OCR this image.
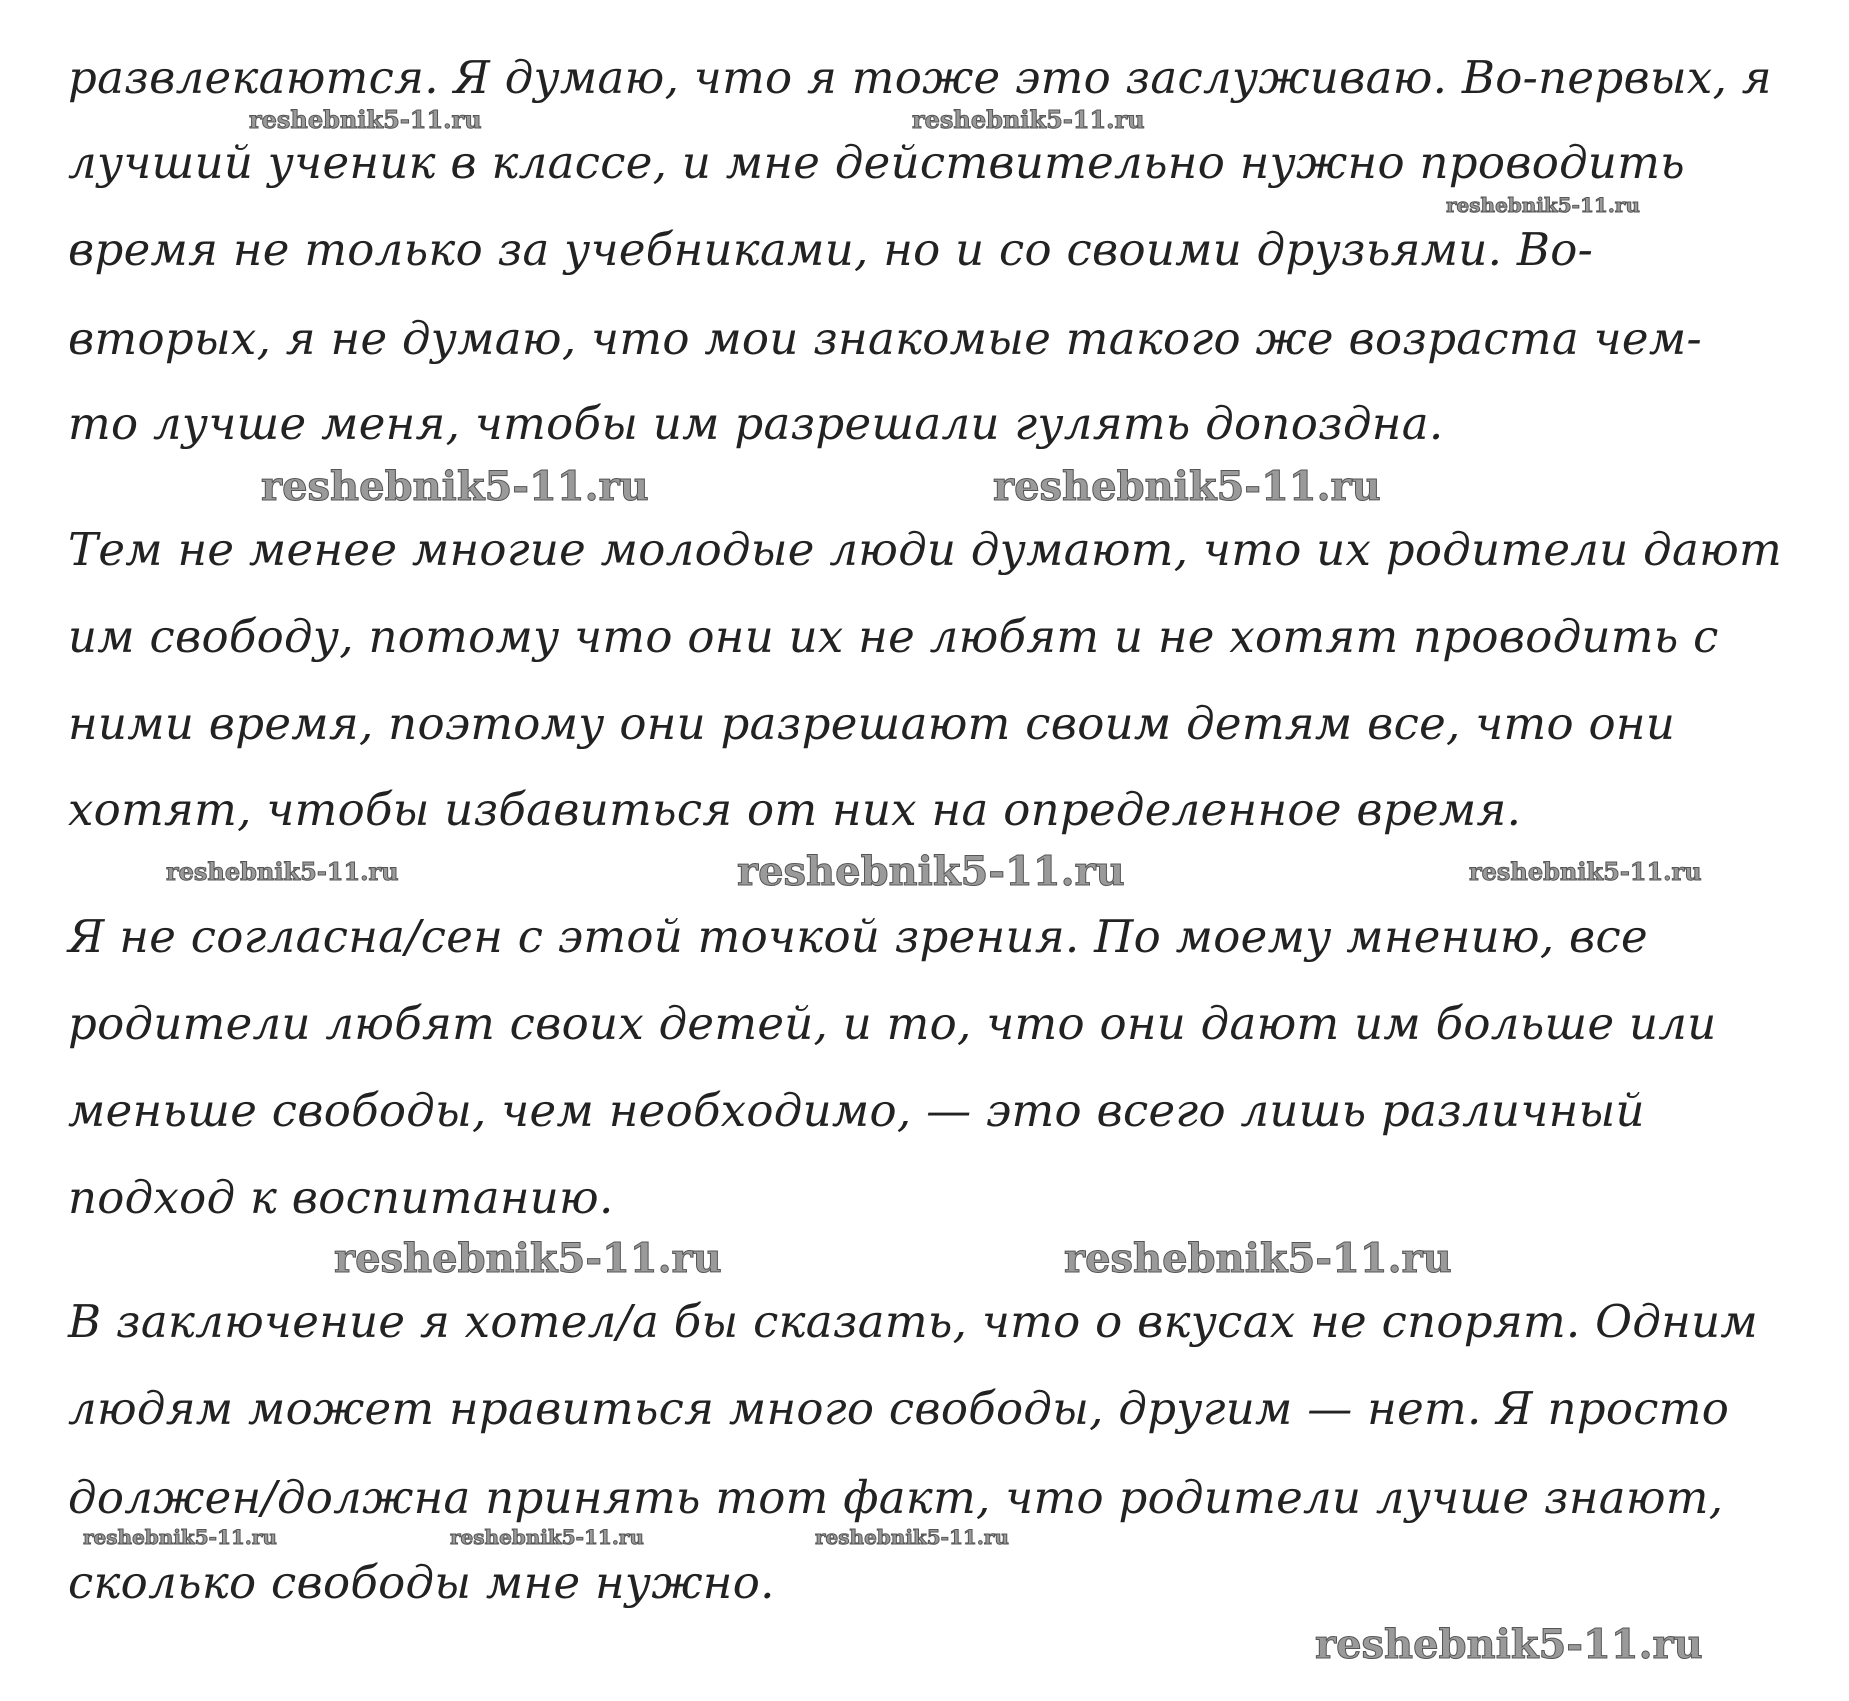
развлекаются. Я думаю, что я тоже это заслуживаю. Во-первых, я
лучший ученик в классе, и мне действительно нужно проводить
время не только за учебниками, но и со своими друзьями. Во-
вторых, я не думаю, что мои знакомые такого же возраста чем-
то лучше меня, чтобы им разрешали гулять допоздна.
Тем не менее многие молодые люди думают, что их родители дают
им свободу, потому что они их не любят и не хотят проводить с
ними время, поэтому они разрешают своим детям все, что они
хотят, чтобы избавиться от них на определенное время.
Я не согласна/сен с этой точкой зрения. По моему мнению, все
родители любят своих детей, и то, что они дают им больше или
меньше свободы, чем необходимо, — это всего лишь различный
подход к воспитанию.
В заключение я хотел/а бы сказать, что о вкусах не спорят. Одним
людям может нравиться много свободы, другим — нет. Я просто
должен/должна принять тот факт, что родители лучше знают,
сколько свободы мне нужно.
reshebnik5-11.ru	reshebnik5-11.ru
reshebnik5-11.ru
reshebnik5-11.ru	reshebnik5-11.ru
reshebnik5-11.ru
reshebnik5-11.ru
reshebnik5-11.ru
reshebnik5-11.ru
reshebnik5-11.ru
reshebnik5-11.ru	reshebnik5-11.ru	reshebnik5-11.ru
reshebnik5-11.ru
